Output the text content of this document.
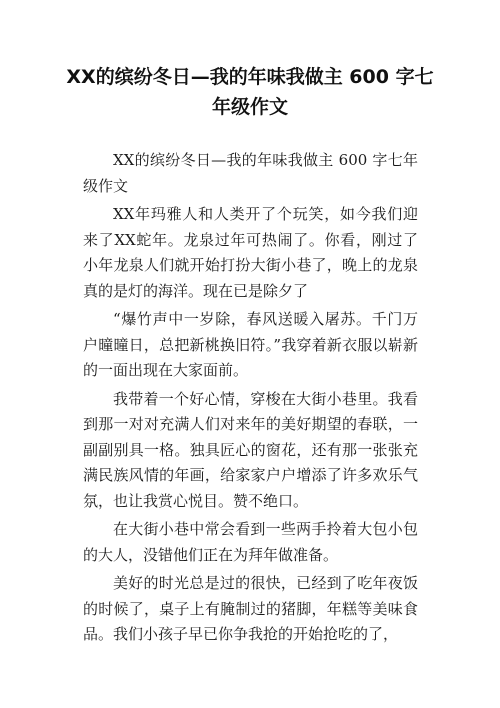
XX的缤纷冬日—我的年味我做主 600 字七年级作文

XX的缤纷冬日—我的年味我做主 600 字七年级作文

XX年玛雅人和人类开了个玩笑，如今我们迎来了XX蛇年。龙泉过年可热闹了。你看，刚过了小年龙泉人们就开始打扮大街小巷了，晚上的龙泉真的是灯的海洋。现在已是除夕了

“爆竹声中一岁除，春风送暖入屠苏。千门万户曈曈日，总把新桃换旧符。”我穿着新衣服以崭新的一面出现在大家面前。

我带着一个好心情，穿梭在大街小巷里。我看到那一对对充满人们对来年的美好期望的春联，一副副别具一格。独具匠心的窗花，还有那一张张充满民族风情的年画，给家家户户增添了许多欢乐气氛，也让我赏心悦目。赞不绝口。

在大街小巷中常会看到一些两手拎着大包小包的大人，没错他们正在为拜年做准备。

美好的时光总是过的很快，已经到了吃年夜饭的时候了，桌子上有腌制过的猪脚，年糕等美味食品。我们小孩子早已你争我抢的开始抢吃的了，
